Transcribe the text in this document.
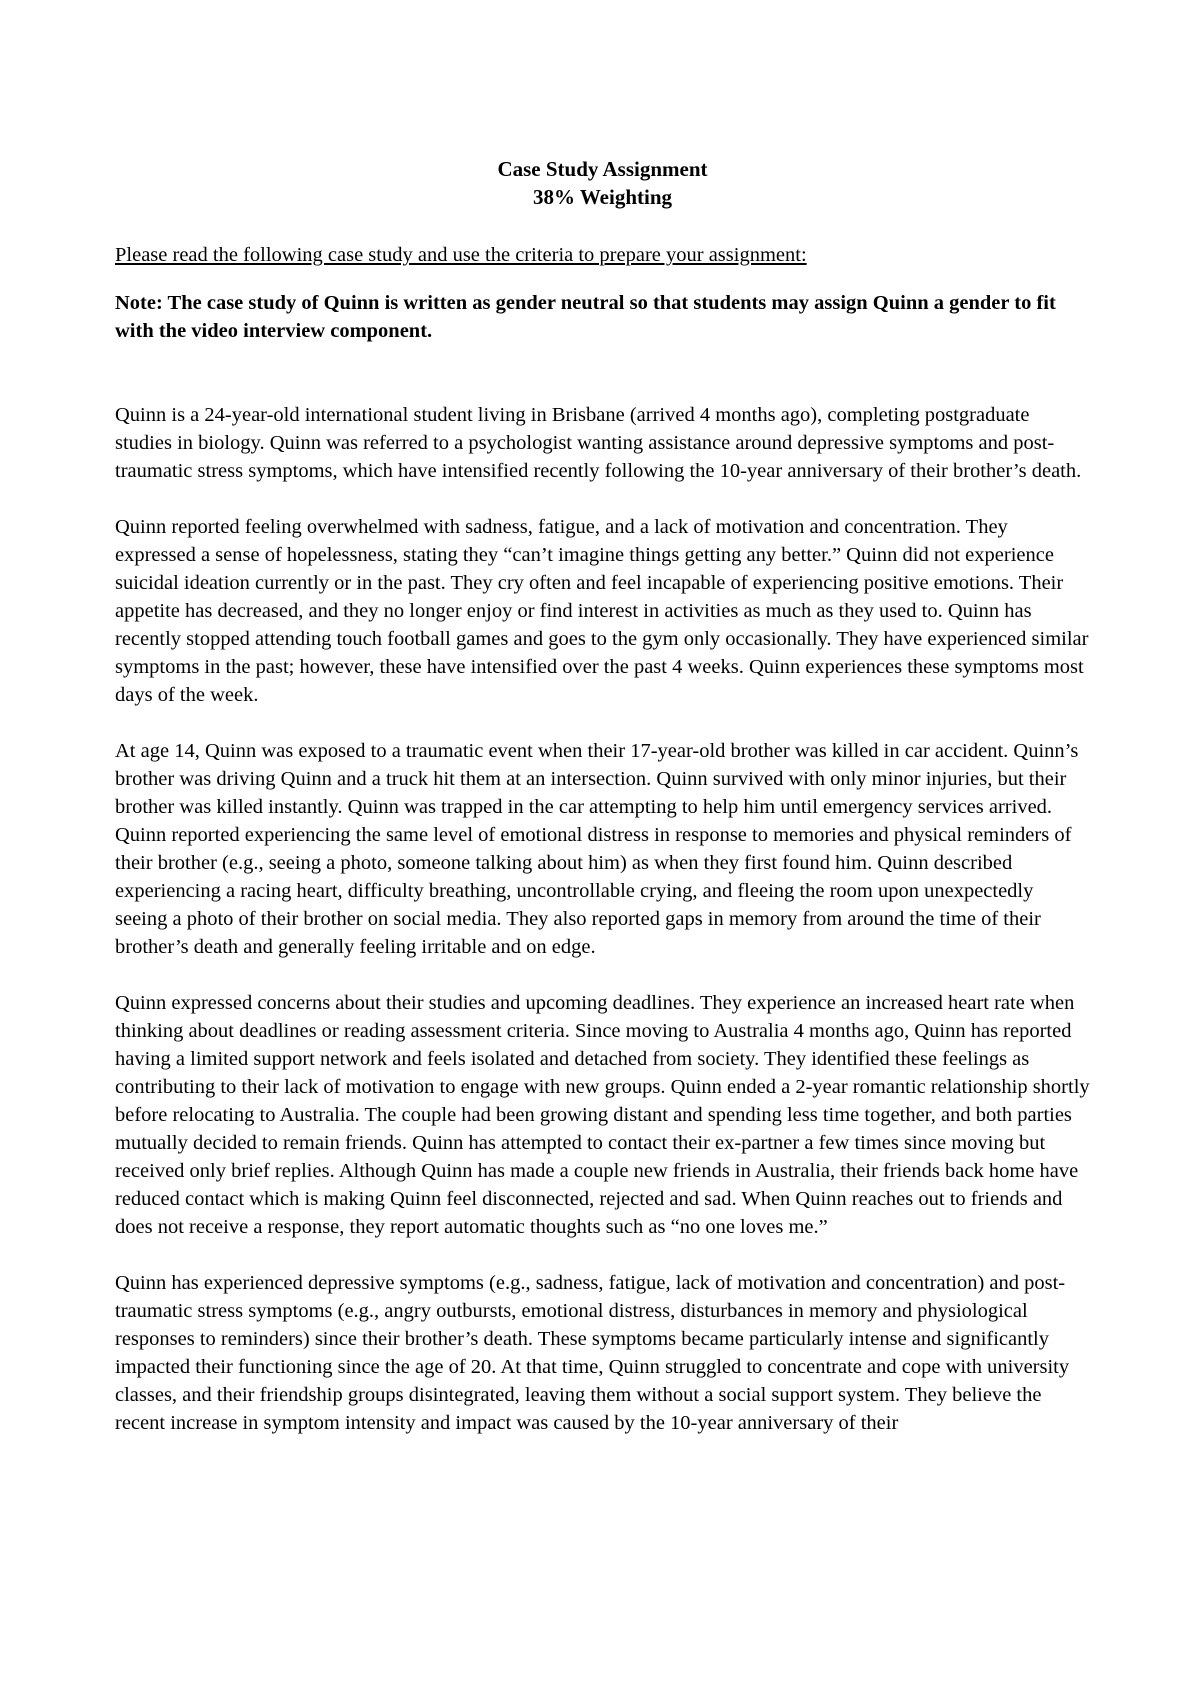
Case Study Assignment

38% Weighting

Please read the following case study and use the criteria to prepare your assignment:

Note: The case study of Quinn is written as gender neutral so that students may assign Quinn a gender to fit with the video interview component.

Quinn is a 24-year-old international student living in Brisbane (arrived 4 months ago), completing postgraduate studies in biology. Quinn was referred to a psychologist wanting assistance around depressive symptoms and post-traumatic stress symptoms, which have intensified recently following the 10-year anniversary of their brother’s death.

Quinn reported feeling overwhelmed with sadness, fatigue, and a lack of motivation and concentration. They expressed a sense of hopelessness, stating they “can’t imagine things getting any better.” Quinn did not experience suicidal ideation currently or in the past. They cry often and feel incapable of experiencing positive emotions. Their appetite has decreased, and they no longer enjoy or find interest in activities as much as they used to. Quinn has recently stopped attending touch football games and goes to the gym only occasionally. They have experienced similar symptoms in the past; however, these have intensified over the past 4 weeks. Quinn experiences these symptoms most days of the week.

At age 14, Quinn was exposed to a traumatic event when their 17-year-old brother was killed in car accident. Quinn’s brother was driving Quinn and a truck hit them at an intersection. Quinn survived with only minor injuries, but their brother was killed instantly. Quinn was trapped in the car attempting to help him until emergency services arrived. Quinn reported experiencing the same level of emotional distress in response to memories and physical reminders of their brother (e.g., seeing a photo, someone talking about him) as when they first found him. Quinn described experiencing a racing heart, difficulty breathing, uncontrollable crying, and fleeing the room upon unexpectedly seeing a photo of their brother on social media. They also reported gaps in memory from around the time of their brother’s death and generally feeling irritable and on edge.

Quinn expressed concerns about their studies and upcoming deadlines. They experience an increased heart rate when thinking about deadlines or reading assessment criteria. Since moving to Australia 4 months ago, Quinn has reported having a limited support network and feels isolated and detached from society. They identified these feelings as contributing to their lack of motivation to engage with new groups. Quinn ended a 2-year romantic relationship shortly before relocating to Australia. The couple had been growing distant and spending less time together, and both parties mutually decided to remain friends. Quinn has attempted to contact their ex-partner a few times since moving but received only brief replies. Although Quinn has made a couple new friends in Australia, their friends back home have reduced contact which is making Quinn feel disconnected, rejected and sad. When Quinn reaches out to friends and does not receive a response, they report automatic thoughts such as “no one loves me.”

Quinn has experienced depressive symptoms (e.g., sadness, fatigue, lack of motivation and concentration) and post-traumatic stress symptoms (e.g., angry outbursts, emotional distress, disturbances in memory and physiological responses to reminders) since their brother’s death. These symptoms became particularly intense and significantly impacted their functioning since the age of 20. At that time, Quinn struggled to concentrate and cope with university classes, and their friendship groups disintegrated, leaving them without a social support system. They believe the recent increase in symptom intensity and impact was caused by the 10-year anniversary of their
